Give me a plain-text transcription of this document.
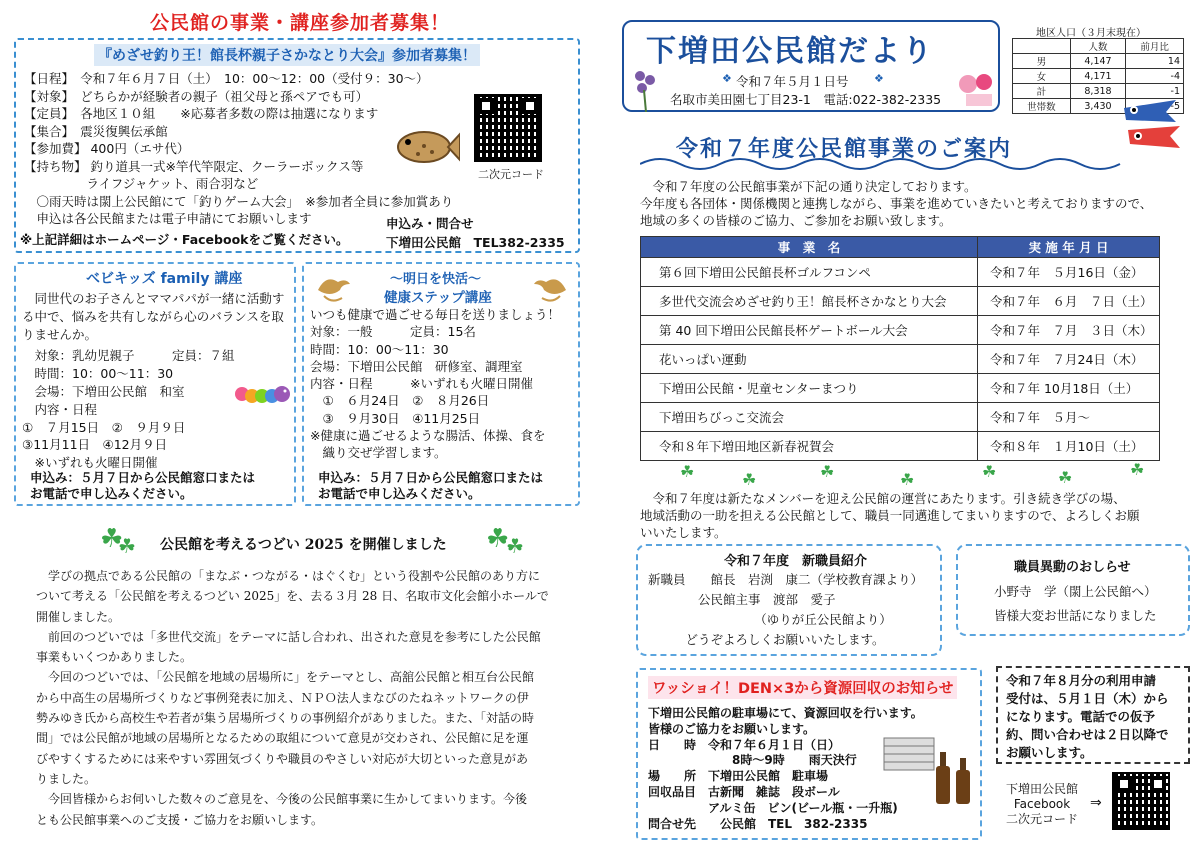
公民館の事業・講座参加者募集！
『めざせ釣り王！館長杯親子さかなとり大会』参加者募集！
【日程】　令和７年６月７日（土）　10：00～12：00（受付９：30～）
【対象】　どちらかが経験者の親子（祖父母と孫ペアでも可）
【定員】　各地区１０組　　※応募者多数の際は抽選になります
【集合】　震災復興伝承館
【参加費】 400円（エサ代）
【持ち物】 釣り道具一式※竿代竿限定、クーラーボックス等
　　　　　ライフジャケット、雨合羽など
　〇雨天時は閖上公民館にて「釣りゲーム大会」　※参加者全員に参加賞あり
　申込は各公民館または電子申請にてお願いします
※上記詳細はホームページ・Facebookをご覧ください。
申込み・問合せ
下増田公民館　TEL382-2335
二次元コード
ベビキッズ family 講座
　同世代のお子さんとママパパが一緒に活動す
る中で、悩みを共有しながら心のバランスを取
りませんか。
　対象：乳幼児親子　　　定員：７組
　時間：10：00～11：30
　会場：下増田公民館　和室
　内容・日程
①　７月15日　②　９月９日
③11月11日　④12月９日
　※いずれも火曜日開催
申込み：５月７日から公民館窓口または
お電話で申し込みください。
～明日を快活～
健康ステップ講座
いつも健康で過ごせる毎日を送りましょう！
対象：一般　　　定員：15名
時間：10：00～11：30
会場：下増田公民館　研修室、調理室
内容・日程　　　※いずれも火曜日開催
　①　６月24日　②　８月26日
　③　９月30日　④11月25日
※健康に過ごせるような腸活、体操、食を
　織り交ぜ学習します。
申込み：５月７日から公民館窓口または
お電話で申し込みください。
☘
☘	☘
☘
公民館を考えるつどい 2025 を開催しました
　学びの拠点である公民館の「まなぶ・つながる・はぐくむ」という役割や公民館のあり方に
ついて考える「公民館を考えるつどい 2025」を、去る３月 28 日、名取市文化会館小ホールで
開催しました。
　前回のつどいでは「多世代交流」をテーマに話し合われ、出された意見を参考にした公民館
事業もいくつかありました。
　今回のつどいでは、「公民館を地域の居場所に」をテーマとし、高舘公民館と相互台公民館
から中高生の居場所づくりなど事例発表に加え、ＮＰＯ法人まなびのたねネットワークの伊
勢みゆき氏から高校生や若者が集う居場所づくりの事例紹介がありました。また、「対話の時
間」では公民館が地域の居場所となるための取組について意見が交わされ、公民館に足を運
びやすくするためには来やすい雰囲気づくりや職員のやさしい対応が大切といった意見があ
りました。
　今回皆様からお伺いした数々のご意見を、今後の公民館事業に生かしてまいります。今後
とも公民館事業へのご支援・ご協力をお願いします。
下増田公民館だより
令和７年５月１日号
名取市美田園七丁目23-1　電話:022-382-2335
❖	❖
地区人口（３月末現在）
	人数	前月比
男	4,147	14
女	4,171	-4
計	8,318	-1
世帯数	3,430	-5
令和７年度公民館事業のご案内
　令和７年度の公民館事業が下記の通り決定しております。
今年度も各団体・関係機関と連携しながら、事業を進めていきたいと考えておりますので、
地域の多くの皆様のご協力、ご参加をお願い致します。
事　業　名	実 施 年 月 日
第６回下増田公民館長杯ゴルフコンペ	令和７年　５月16日（金）
多世代交流会めざせ釣り王！館長杯さかなとり大会	令和７年　６月　７日（土）
第 40 回下増田公民館長杯ゲートボール大会	令和７年　７月　３日（木）
花いっぱい運動	令和７年　７月24日（木）
下増田公民館・児童センターまつり	令和７年 10月18日（土）
下増田ちびっこ交流会	令和７年　５月～
令和８年下増田地区新春祝賀会	令和８年　１月10日（土）
☘	☘	☘	☘	☘	☘	☘
　令和７年度は新たなメンバーを迎え公民館の運営にあたります。引き続き学びの場、
地域活動の一助を担える公民館として、職員一同邁進してまいりますので、よろしくお願
いいたします。
令和７年度　新職員紹介
新職員　　館長　岩渕　康二（学校教育課より）
　　　　公民館主事　渡部　愛子
　　　　　　　　　（ゆりが丘公民館より）
　　　どうぞよろしくお願いいたします。
職員異動のおしらせ
小野寺　学（閖上公民館へ）
皆様大変お世話になりました
ワッショイ！DEN×3から資源回収のお知らせ
下増田公民館の駐車場にて、資源回収を行います。
皆様のご協力をお願いします。
日　　時　令和７年６月１日（日）
　　　　　　　8時～9時　　雨天決行
場　　所　下増田公民館　駐車場
回収品目　古新聞　雑誌　段ボール
　　　　　アルミ缶　ビン(ビール瓶・一升瓶)
問合せ先　　公民館　TEL　382-2335
令和７年８月分の利用申請
受付は、５月１日（木）から
になります。電話での仮予
約、問い合わせは２日以降で
お願いします。
下増田公民館
Facebook
二次元コード
⇒
